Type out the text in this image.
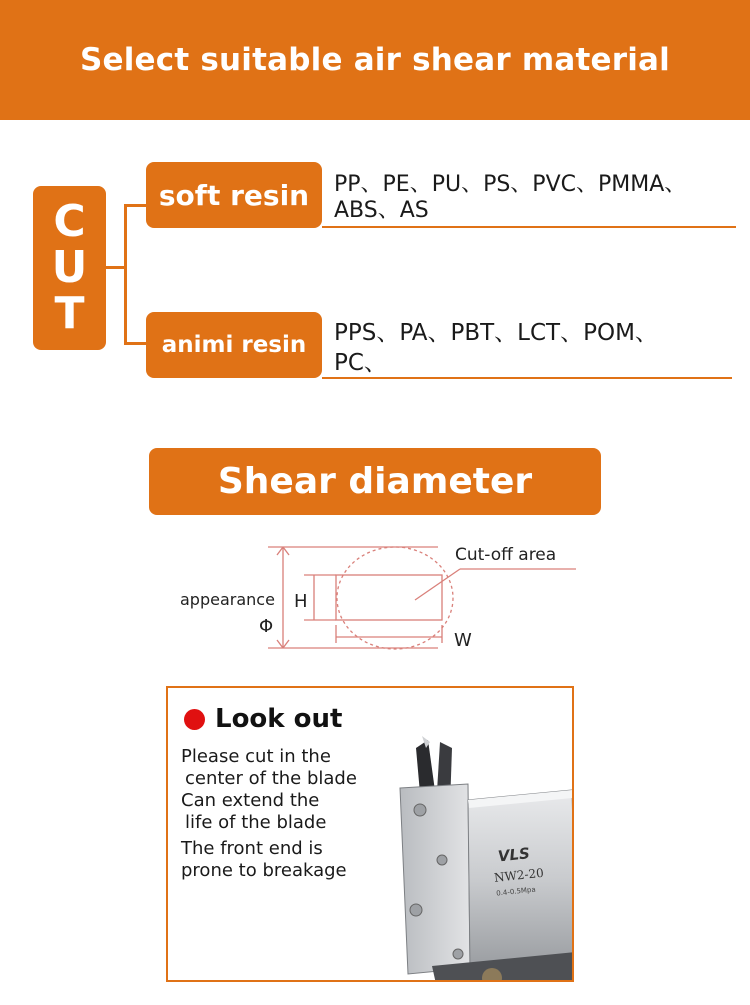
Select suitable air shear material
C
U
T
soft resin PP、PE、PU、PS、PVC、PMMA、
ABS、AS
animi resin PPS、PA、PBT、LCT、POM、
PC、
Shear diameter
Cut-off area
appearance H
Φ
W
Look out
Please cut in the
center of the blade
Can extend the
life of the blade
The front end is
prone to breakage
VLS
NW2-20
0.4-0.5Mpa
